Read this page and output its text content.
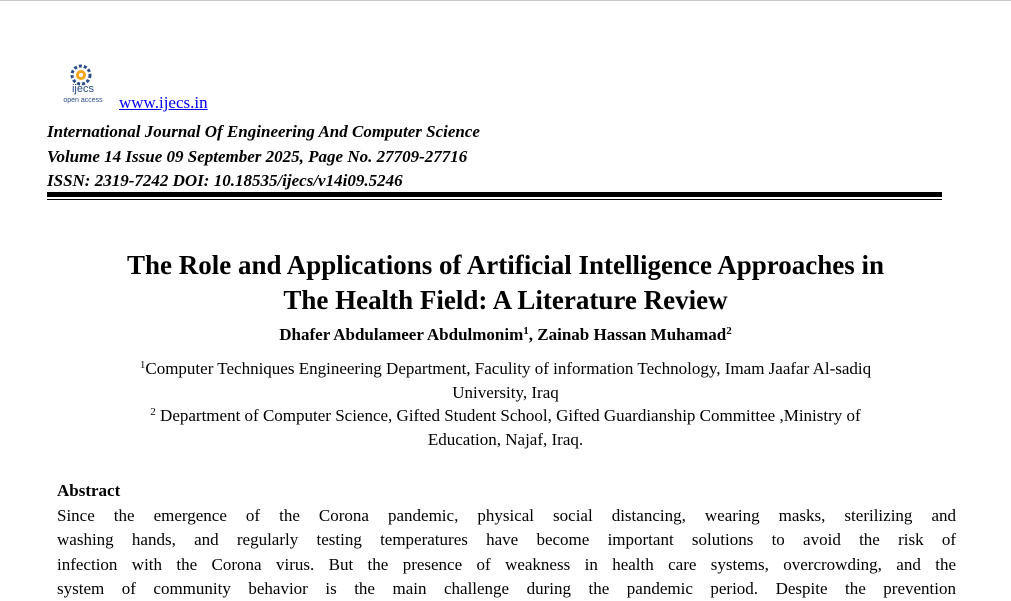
ijecs
open access www.ijecs.in
International Journal Of Engineering And Computer Science
Volume 14 Issue 09 September 2025, Page No. 27709-27716
ISSN: 2319-7242 DOI: 10.18535/ijecs/v14i09.5246
The Role and Applications of Artificial Intelligence Approaches in
The Health Field: A Literature Review
Dhafer Abdulameer Abdulmonim$^1$, Zainab Hassan Muhamad$^2$
$^1$Computer Techniques Engineering Department, Faculity of information Technology, Imam Jaafar Al-sadiq
University, Iraq
$^2$ Department of Computer Science, Gifted Student School, Gifted Guardianship Committee ,Ministry of
Education, Najaf, Iraq.
Abstract
Since the emergence of the Corona pandemic, physical social distancing, wearing masks, sterilizing and
washing hands, and regularly testing temperatures have become important solutions to avoid the risk of
infection with the Corona virus. But the presence of weakness in health care systems, overcrowding, and the
system of community behavior is the main challenge during the pandemic period. Despite the prevention
